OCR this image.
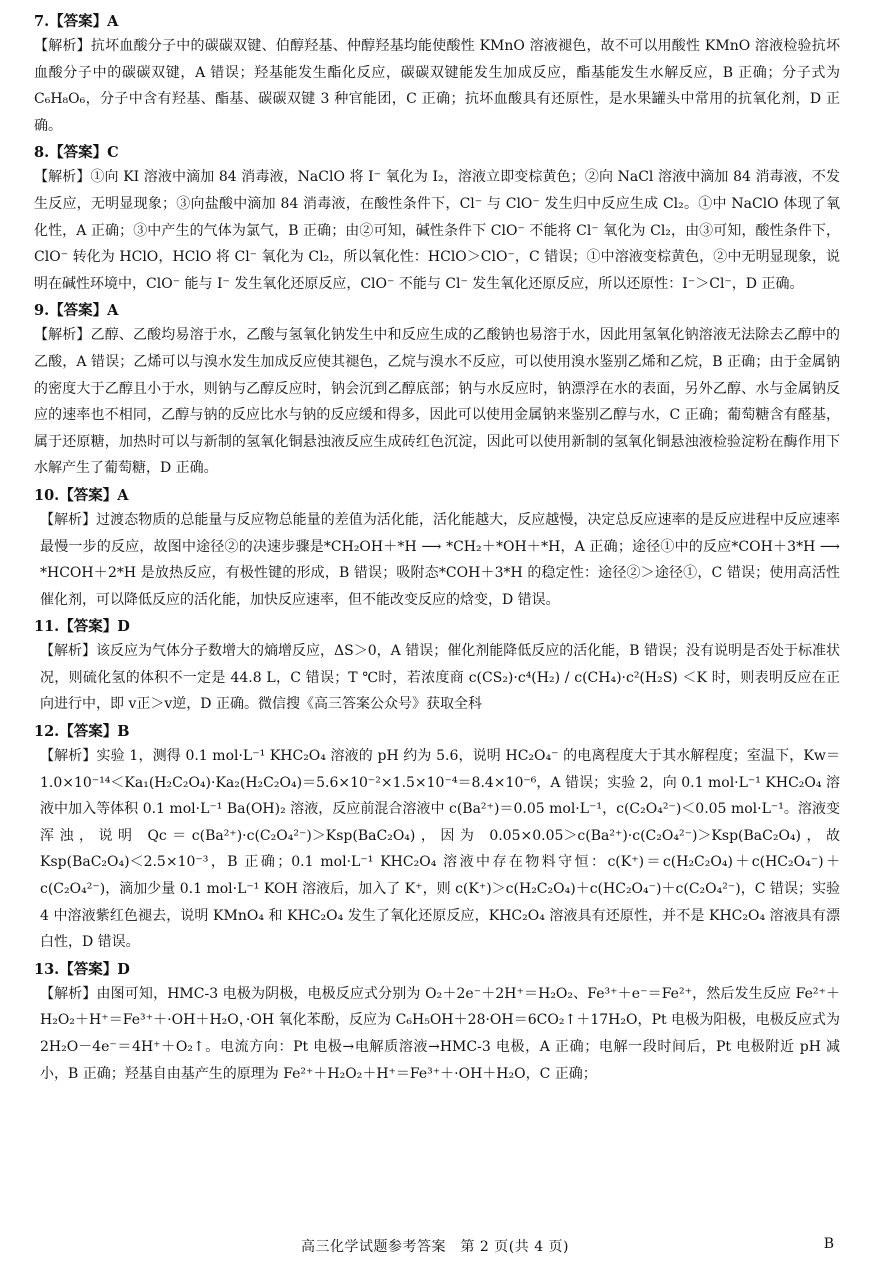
7.【答案】A
【解析】抗坏血酸分子中的碳碳双键、伯醇羟基、仲醇羟基均能使酸性 KMnO 溶液褪色，故不可以用酸性 KMnO 溶液检验抗坏血酸分子中的碳碳双键，A 错误；羟基能发生酯化反应，碳碳双键能发生加成反应，酯基能发生水解反应，B 正确；分子式为 C₆H₈O₆，分子中含有羟基、酯基、碳碳双键 3 种官能团，C 正确；抗坏血酸具有还原性，是水果罐头中常用的抗氧化剂，D 正确。
8.【答案】C
【解析】①向 KI 溶液中滴加 84 消毒液，NaClO 将 I⁻ 氧化为 I₂，溶液立即变棕黄色；②向 NaCl 溶液中滴加 84 消毒液，不发生反应，无明显现象；③向盐酸中滴加 84 消毒液，在酸性条件下，Cl⁻ 与 ClO⁻ 发生归中反应生成 Cl₂。①中 NaClO 体现了氧化性，A 正确；③中产生的气体为氯气，B 正确；由②可知，碱性条件下 ClO⁻ 不能将 Cl⁻ 氧化为 Cl₂，由③可知，酸性条件下，ClO⁻ 转化为 HClO，HClO 将 Cl⁻ 氧化为 Cl₂，所以氧化性：HClO＞ClO⁻，C 错误；①中溶液变棕黄色，②中无明显现象，说明在碱性环境中，ClO⁻ 能与 I⁻ 发生氧化还原反应，ClO⁻ 不能与 Cl⁻ 发生氧化还原反应，所以还原性：I⁻＞Cl⁻，D 正确。
9.【答案】A
【解析】乙醇、乙酸均易溶于水，乙酸与氢氧化钠发生中和反应生成的乙酸钠也易溶于水，因此用氢氧化钠溶液无法除去乙醇中的乙酸，A 错误；乙烯可以与溴水发生加成反应使其褪色，乙烷与溴水不反应，可以使用溴水鉴别乙烯和乙烷，B 正确；由于金属钠的密度大于乙醇且小于水，则钠与乙醇反应时，钠会沉到乙醇底部；钠与水反应时，钠漂浮在水的表面，另外乙醇、水与金属钠反应的速率也不相同，乙醇与钠的反应比水与钠的反应缓和得多，因此可以使用金属钠来鉴别乙醇与水，C 正确；葡萄糖含有醛基，属于还原糖，加热时可以与新制的氢氧化铜悬浊液反应生成砖红色沉淀，因此可以使用新制的氢氧化铜悬浊液检验淀粉在酶作用下水解产生了葡萄糖，D 正确。
10.【答案】A
【解析】过渡态物质的总能量与反应物总能量的差值为活化能，活化能越大，反应越慢，决定总反应速率的是反应进程中反应速率最慢一步的反应，故图中途径②的决速步骤是*CH₂OH＋*H ⟶ *CH₂＋*OH＋*H，A 正确；途径①中的反应*COH＋3*H ⟶ *HCOH＋2*H 是放热反应，有极性键的形成，B 错误；吸附态*COH＋3*H 的稳定性：途径②＞途径①，C 错误；使用高活性催化剂，可以降低反应的活化能，加快反应速率，但不能改变反应的焓变，D 错误。
11.【答案】D
【解析】该反应为气体分子数增大的熵增反应，ΔS＞0，A 错误；催化剂能降低反应的活化能，B 错误；没有说明是否处于标准状况，则硫化氢的体积不一定是 44.8 L，C 错误；T ℃时，若浓度商 c(CS₂)·c⁴(H₂) / c(CH₄)·c²(H₂S) ＜K 时，则表明反应在正向进行中，即 v正＞v逆，D 正确。微信搜《高三答案公众号》获取全科
12.【答案】B
【解析】实验 1，测得 0.1 mol·L⁻¹ KHC₂O₄ 溶液的 pH 约为 5.6，说明 HC₂O₄⁻ 的电离程度大于其水解程度；室温下，Kw＝1.0×10⁻¹⁴＜Ka₁(H₂C₂O₄)·Ka₂(H₂C₂O₄)＝5.6×10⁻²×1.5×10⁻⁴＝8.4×10⁻⁶，A 错误；实验 2，向 0.1 mol·L⁻¹ KHC₂O₄ 溶液中加入等体积 0.1 mol·L⁻¹ Ba(OH)₂ 溶液，反应前混合溶液中 c(Ba²⁺)＝0.05 mol·L⁻¹，c(C₂O₄²⁻)＜0.05 mol·L⁻¹。溶液变浑浊，说明 Qc＝c(Ba²⁺)·c(C₂O₄²⁻)＞Ksp(BaC₂O₄)，因为 0.05×0.05＞c(Ba²⁺)·c(C₂O₄²⁻)＞Ksp(BaC₂O₄)，故 Ksp(BaC₂O₄)＜2.5×10⁻³，B 正确；0.1 mol·L⁻¹ KHC₂O₄ 溶液中存在物料守恒：c(K⁺)＝c(H₂C₂O₄)＋c(HC₂O₄⁻)＋c(C₂O₄²⁻)，滴加少量 0.1 mol·L⁻¹ KOH 溶液后，加入了 K⁺，则 c(K⁺)＞c(H₂C₂O₄)＋c(HC₂O₄⁻)＋c(C₂O₄²⁻)，C 错误；实验 4 中溶液紫红色褪去，说明 KMnO₄ 和 KHC₂O₄ 发生了氧化还原反应，KHC₂O₄ 溶液具有还原性，并不是 KHC₂O₄ 溶液具有漂白性，D 错误。
13.【答案】D
【解析】由图可知，HMC-3 电极为阴极，电极反应式分别为 O₂＋2e⁻＋2H⁺＝H₂O₂、Fe³⁺＋e⁻＝Fe²⁺，然后发生反应 Fe²⁺＋H₂O₂＋H⁺＝Fe³⁺＋·OH＋H₂O，·OH 氧化苯酚，反应为 C₆H₅OH＋28·OH＝6CO₂↑＋17H₂O，Pt 电极为阳极，电极反应式为 2H₂O－4e⁻＝4H⁺＋O₂↑。电流方向：Pt 电极→电解质溶液→HMC-3 电极，A 正确；电解一段时间后，Pt 电极附近 pH 减小，B 正确；羟基自由基产生的原理为 Fe²⁺＋H₂O₂＋H⁺＝Fe³⁺＋·OH＋H₂O，C 正确；
高三化学试题参考答案　第 2 页(共 4 页)	B
